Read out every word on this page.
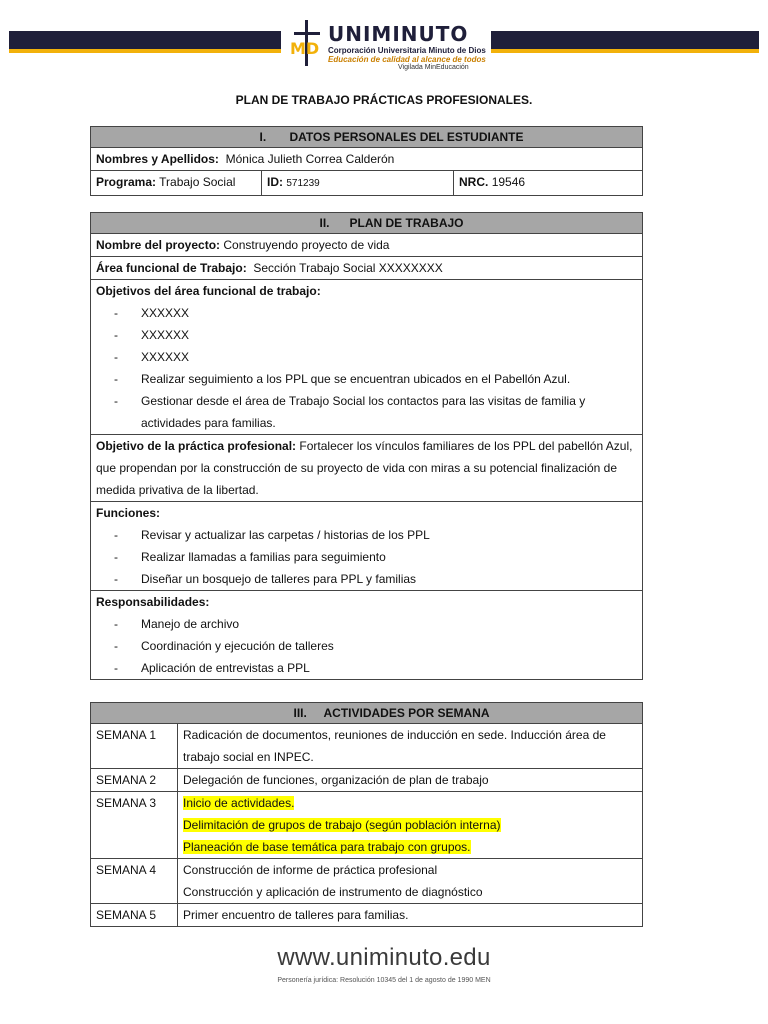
MD
UNIMINUTO
Corporación Universitaria Minuto de Dios
Educación de calidad al alcance de todos
Vigilada MinEducación
PLAN DE TRABAJO PRÁCTICAS PROFESIONALES.
I. DATOS PERSONALES DEL ESTUDIANTE
Nombres y Apellidos: Mónica Julieth Correa Calderón
Programa: Trabajo Social	ID: 571239	NRC. 19546
II. PLAN DE TRABAJO
Nombre del proyecto: Construyendo proyecto de vida
Área funcional de Trabajo: Sección Trabajo Social XXXXXXXX

Objetivos del área funcional de trabajo:
- XXXXXX
- XXXXXX
- XXXXXX
- Realizar seguimiento a los PPL que se encuentran ubicados en el Pabellón Azul.
- Gestionar desde el área de Trabajo Social los contactos para las visitas de familia y actividades para familias.

Objetivo de la práctica profesional: Fortalecer los vínculos familiares de los PPL del pabellón Azul, que propendan por la construcción de su proyecto de vida con miras a su potencial finalización de medida privativa de la libertad.

Funciones:
- Revisar y actualizar las carpetas / historias de los PPL
- Realizar llamadas a familias para seguimiento
- Diseñar un bosquejo de talleres para PPL y familias

Responsabilidades:
- Manejo de archivo
- Coordinación y ejecución de talleres
- Aplicación de entrevistas a PPL
III. ACTIVIDADES POR SEMANA	
SEMANA 1	Radicación de documentos, reuniones de inducción en sede. Inducción área de trabajo social en INPEC.

SEMANA 2	Delegación de funciones, organización de plan de trabajo

SEMANA 3	Inicio de actividades.
Delimitación de grupos de trabajo (según población interna)
Planeación de base temática para trabajo con grupos.

SEMANA 4	Construcción de informe de práctica profesional
Construcción y aplicación de instrumento de diagnóstico

SEMANA 5	Primer encuentro de talleres para familias.
www.uniminuto.edu
Personería jurídica: Resolución 10345 del 1 de agosto de 1990 MEN
